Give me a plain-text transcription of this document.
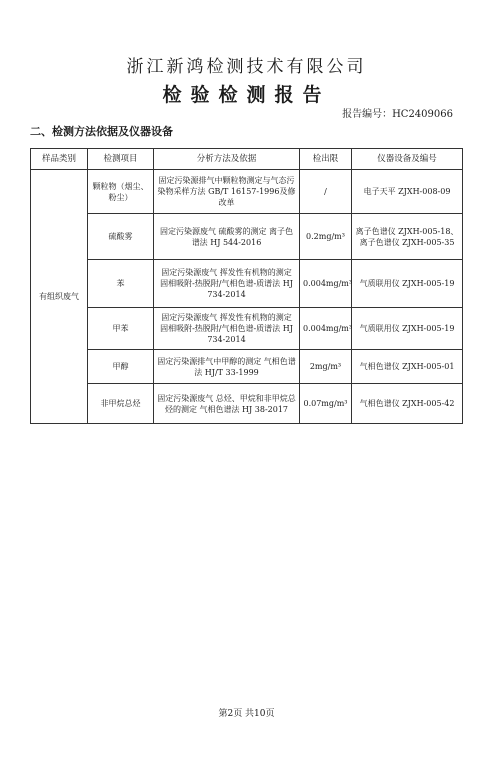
浙江新鸿检测技术有限公司
检验检测报告
报告编号：HC2409066
二、检测方法依据及仪器设备
样品类别	检测项目	分析方法及依据	检出限	仪器设备及编号
有组织废气	颗粒物（烟尘、粉尘）	固定污染源排气中颗粒物测定与气态污染物采样方法 GB/T 16157-1996及修改单	/	电子天平 ZJXH-008-09
	硫酸雾	固定污染源废气 硫酸雾的测定 离子色谱法 HJ 544-2016	0.2mg/m³	离子色谱仪 ZJXH-005-18、离子色谱仪 ZJXH-005-35
	苯	固定污染源废气 挥发性有机物的测定 固相吸附-热脱附/气相色谱-质谱法 HJ 734-2014	0.004mg/m³	气质联用仪 ZJXH-005-19
	甲苯	固定污染源废气 挥发性有机物的测定 固相吸附-热脱附/气相色谱-质谱法 HJ 734-2014	0.004mg/m³	气质联用仪 ZJXH-005-19
	甲醇	固定污染源排气中甲醇的测定 气相色谱法 HJ/T 33-1999	2mg/m³	气相色谱仪 ZJXH-005-01
	非甲烷总烃	固定污染源废气 总烃、甲烷和非甲烷总烃的测定 气相色谱法 HJ 38-2017	0.07mg/m³	气相色谱仪 ZJXH-005-42
第2页 共10页
